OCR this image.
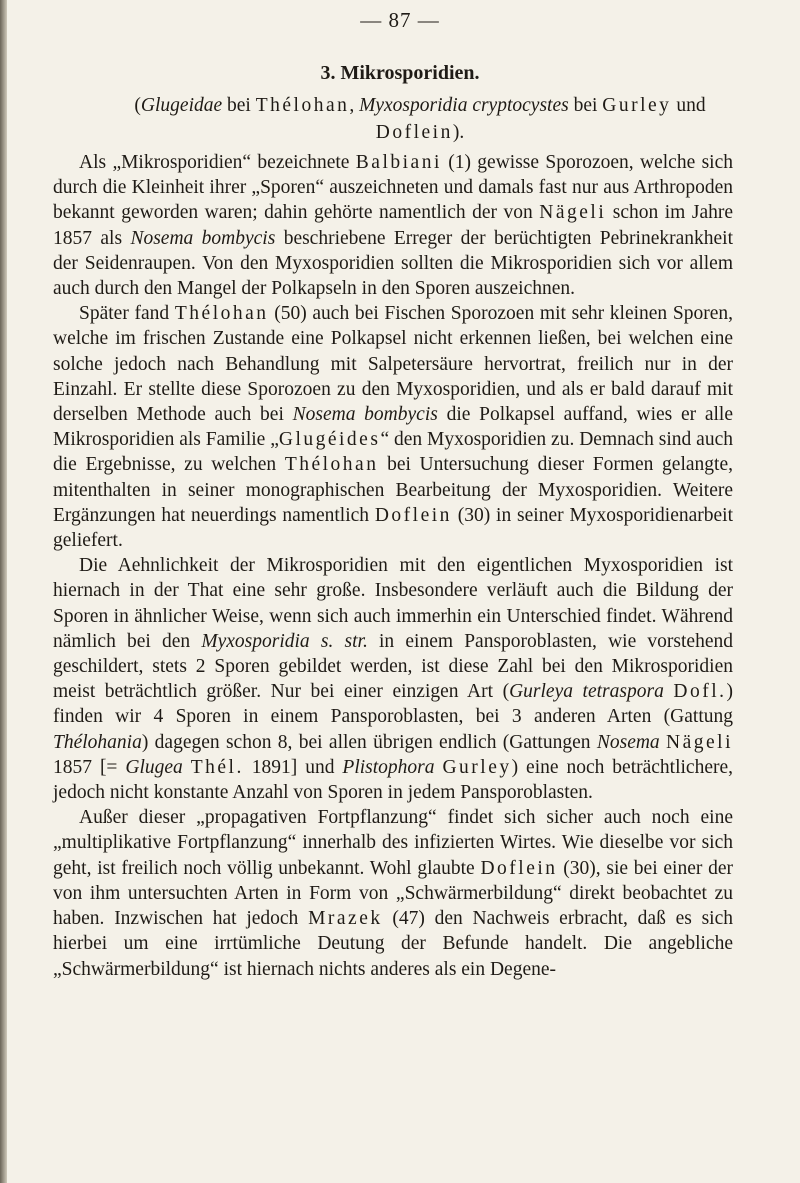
— 87 —
3. Mikrosporidien.
(Glugeidae bei Thélohan, Myxosporidia cryptocystes bei Gurley und Doflein).

Als „Mikrosporidien“ bezeichnete Balbiani (1) gewisse Sporozoen, welche sich durch die Kleinheit ihrer „Sporen“ auszeichneten und damals fast nur aus Arthropoden bekannt geworden waren; dahin gehörte namentlich der von Nägeli schon im Jahre 1857 als Nosema bombycis beschriebene Erreger der berüchtigten Pebrinekrankheit der Seidenraupen. Von den Myxosporidien sollten die Mikrosporidien sich vor allem auch durch den Mangel der Polkapseln in den Sporen auszeichnen.

Später fand Thélohan (50) auch bei Fischen Sporozoen mit sehr kleinen Sporen, welche im frischen Zustande eine Polkapsel nicht erkennen ließen, bei welchen eine solche jedoch nach Behandlung mit Salpetersäure hervortrat, freilich nur in der Einzahl. Er stellte diese Sporozoen zu den Myxosporidien, und als er bald darauf mit derselben Methode auch bei Nosema bombycis die Polkapsel auffand, wies er alle Mikrosporidien als Familie „Glugéides“ den Myxosporidien zu. Demnach sind auch die Ergebnisse, zu welchen Thélohan bei Untersuchung dieser Formen gelangte, mitenthalten in seiner monographischen Bearbeitung der Myxosporidien. Weitere Ergänzungen hat neuerdings namentlich Doflein (30) in seiner Myxosporidienarbeit geliefert.

Die Aehnlichkeit der Mikrosporidien mit den eigentlichen Myxosporidien ist hiernach in der That eine sehr große. Insbesondere verläuft auch die Bildung der Sporen in ähnlicher Weise, wenn sich auch immerhin ein Unterschied findet. Während nämlich bei den Myxosporidia s. str. in einem Pansporoblasten, wie vorstehend geschildert, stets 2 Sporen gebildet werden, ist diese Zahl bei den Mikrosporidien meist beträchtlich größer. Nur bei einer einzigen Art (Gurleya tetraspora Dofl.) finden wir 4 Sporen in einem Pansporoblasten, bei 3 anderen Arten (Gattung Thélohania) dagegen schon 8, bei allen übrigen endlich (Gattungen Nosema Nägeli 1857 [= Glugea Thél. 1891] und Plistophora Gurley) eine noch beträchtlichere, jedoch nicht konstante Anzahl von Sporen in jedem Pansporoblasten.

Außer dieser „propagativen Fortpflanzung“ findet sich sicher auch noch eine „multiplikative Fortpflanzung“ innerhalb des infizierten Wirtes. Wie dieselbe vor sich geht, ist freilich noch völlig unbekannt. Wohl glaubte Doflein (30), sie bei einer der von ihm untersuchten Arten in Form von „Schwärmerbildung“ direkt beobachtet zu haben. Inzwischen hat jedoch Mrazek (47) den Nachweis erbracht, daß es sich hierbei um eine irrtümliche Deutung der Befunde handelt. Die angebliche „Schwärmerbildung“ ist hiernach nichts anderes als ein Degene-
